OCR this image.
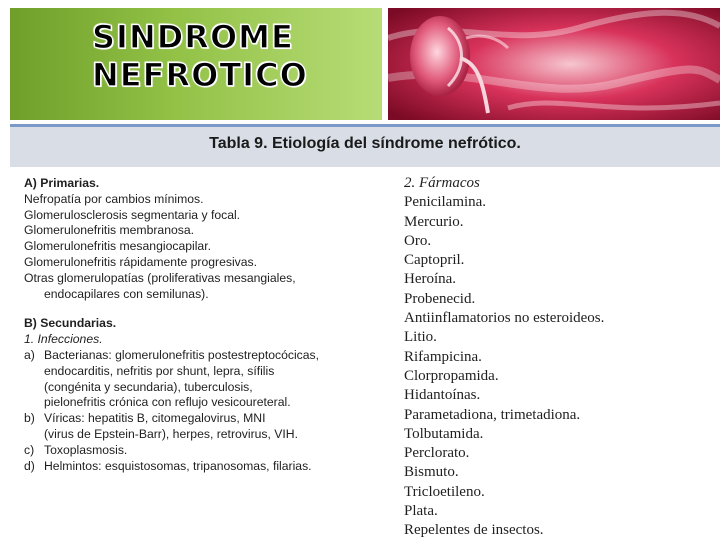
SINDROME
NEFROTICO
Tabla 9. Etiología del síndrome nefrótico.
A) Primarias.
Nefropatía por cambios mínimos.
Glomerulosclerosis segmentaria y focal.
Glomerulonefritis membranosa.
Glomerulonefritis mesangiocapilar.
Glomerulonefritis rápidamente progresivas.
Otras glomerulopatías (proliferativas mesangiales,
endocapilares con semilunas).
B) Secundarias.
1. Infecciones.
a) Bacterianas: glomerulonefritis postestreptocócicas,
endocarditis, nefritis por shunt, lepra, sífilis
(congénita y secundaria), tuberculosis,
pielonefritis crónica con reflujo vesicoureteral.
b) Víricas: hepatitis B, citomegalovirus, MNI
(virus de Epstein-Barr), herpes, retrovirus, VIH.
c) Toxoplasmosis.
d) Helmintos: esquistosomas, tripanosomas, filarias.
2. Fármacos
Penicilamina.
Mercurio.
Oro.
Captopril.
Heroína.
Probenecid.
Antiinflamatorios no esteroideos.
Litio.
Rifampicina.
Clorpropamida.
Hidantoínas.
Parametadiona, trimetadiona.
Tolbutamida.
Perclorato.
Bismuto.
Tricloetileno.
Plata.
Repelentes de insectos.
